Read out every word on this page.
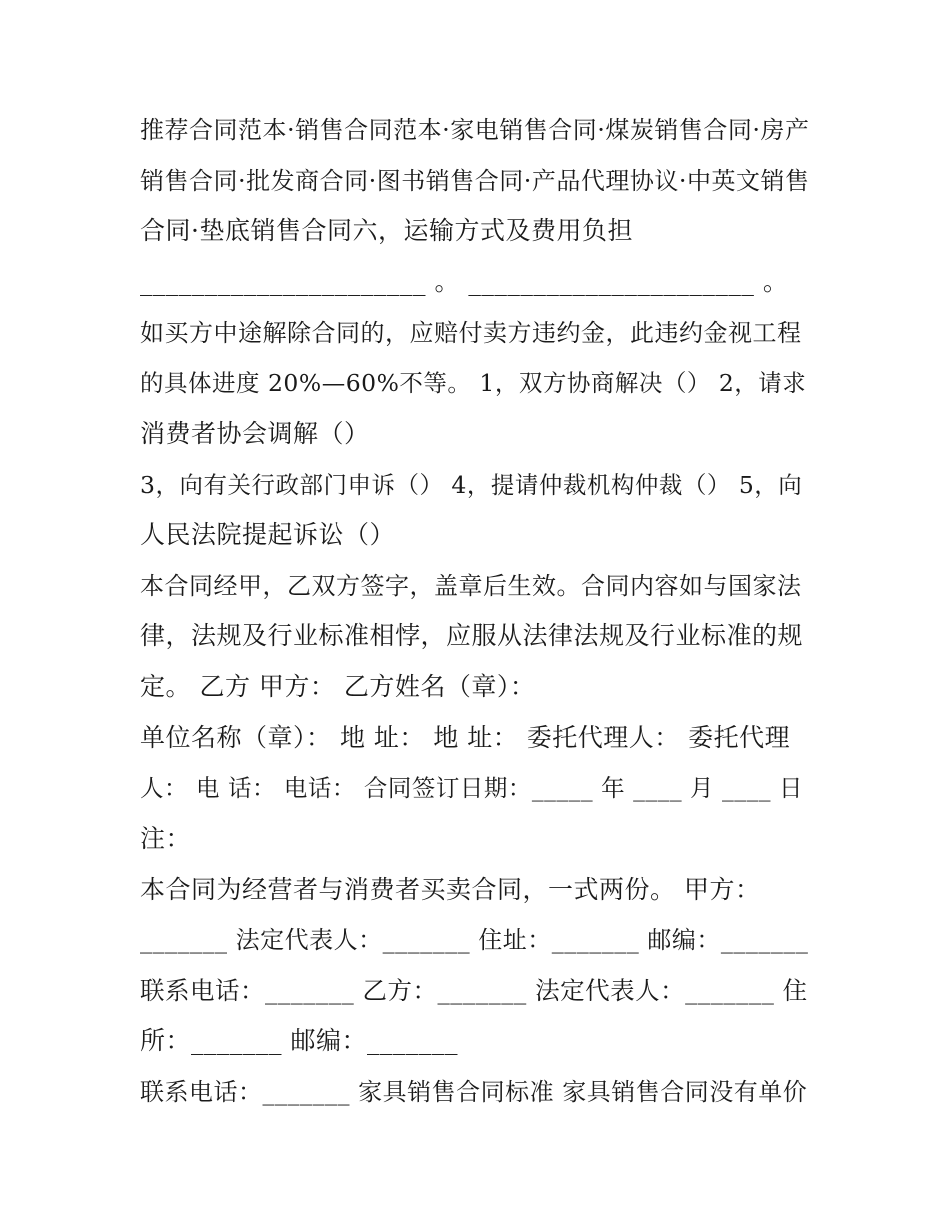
推荐合同范本·销售合同范本·家电销售合同·煤炭销售合同·房产
销售合同·批发商合同·图书销售合同·产品代理协议·中英文销售
合同·垫底销售合同六，运输方式及费用负担
______________________ 。 ______________________ 。
如买方中途解除合同的，应赔付卖方违约金，此违约金视工程
的具体进度 20%—60%不等。 1，双方协商解决（） 2，请求
消费者协会调解（）
3，向有关行政部门申诉（） 4，提请仲裁机构仲裁（） 5，向
人民法院提起诉讼（）
本合同经甲，乙双方签字，盖章后生效。合同内容如与国家法
律，法规及行业标准相悖，应服从法律法规及行业标准的规
定。 乙方 甲方： 乙方姓名（章）：
单位名称（章）： 地 址： 地 址： 委托代理人： 委托代理
人： 电 话： 电话： 合同签订日期：_____ 年 ____ 月 ____ 日
注：
本合同为经营者与消费者买卖合同，一式两份。 甲方：
_______ 法定代表人：_______ 住址：_______ 邮编：_______
联系电话：_______ 乙方：_______ 法定代表人：_______ 住
所：_______ 邮编：_______
联系电话：_______ 家具销售合同标准 家具销售合同没有单价
